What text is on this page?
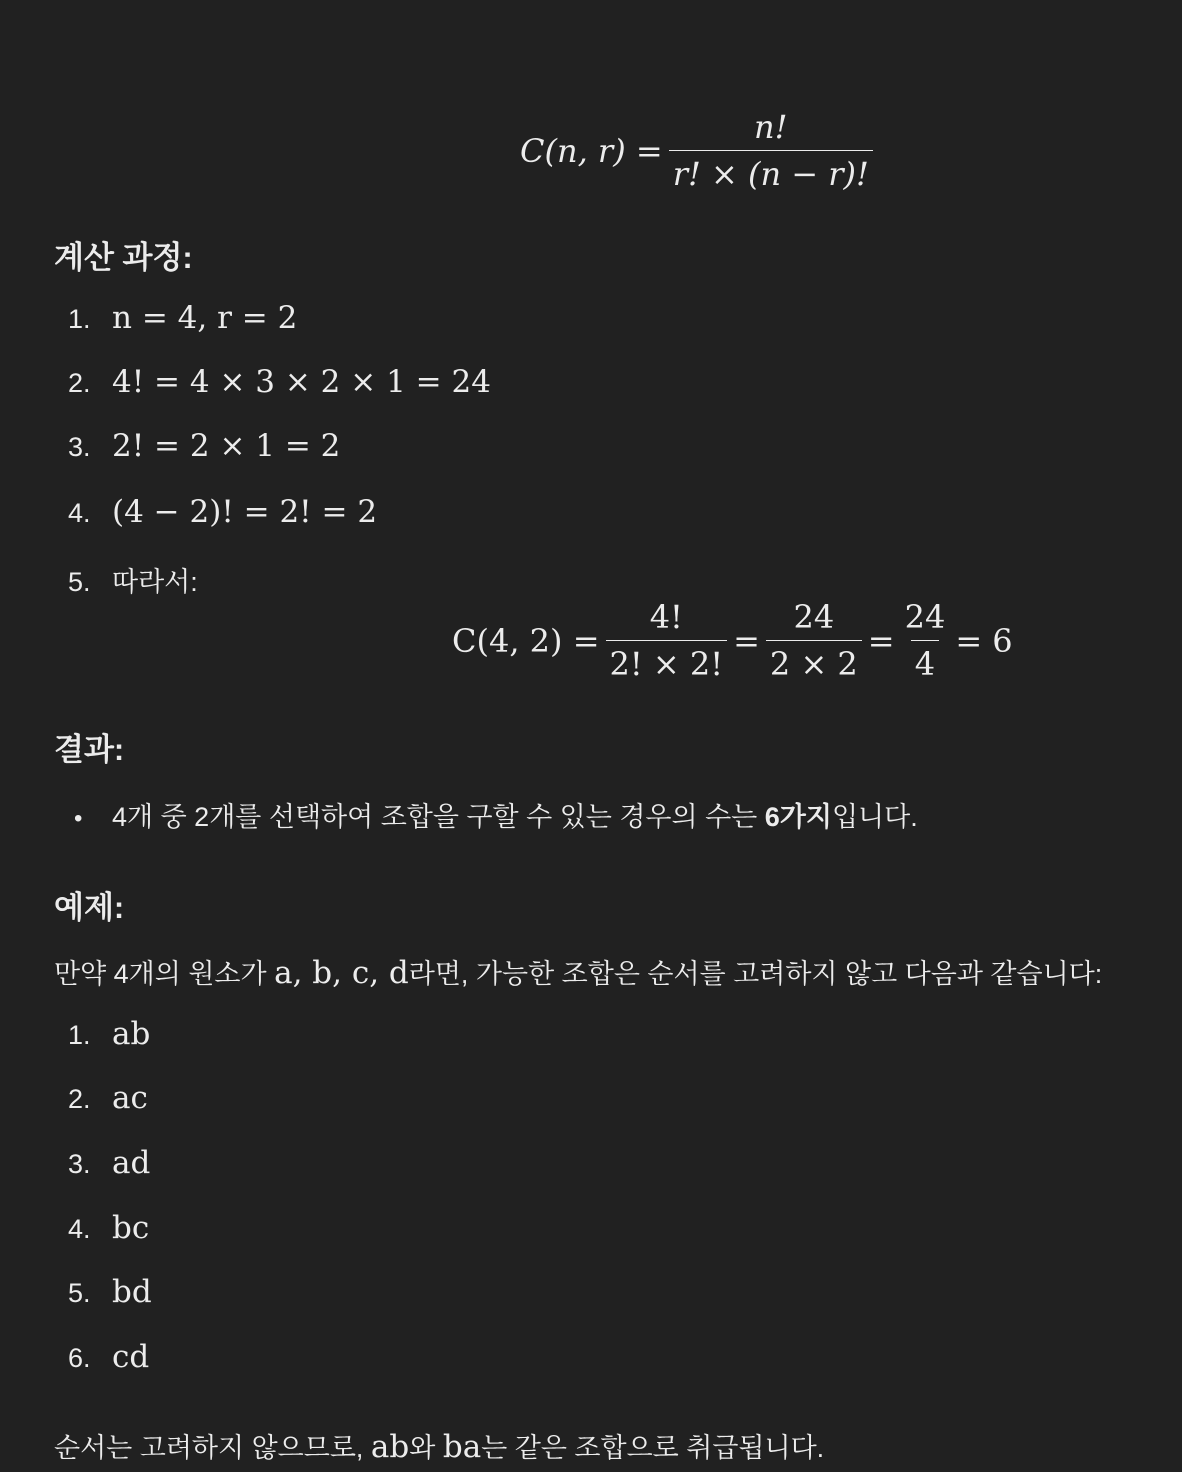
C(n, $r) = \frac{n!}{r! \times (n - r)!}$
계산 과정:
1. n = 4, r = 2
2. 4! = 4 × 3 × 2 × 1 = 24
3. 2! = 2 × 1 = 2
4. (4 − 2)! = 2! = 2
5. 따라서:
C(4, $2) = \frac{4!}{2! \times 2!} = \frac{24}{2 \times 2} = \frac{24}{4} = 6$
결과:
•	4개 중 2개를 선택하여 조합을 구할 수 있는 경우의 수는 6가지입니다.
예제:
만약 4개의 원소가 a, b, c, d라면, 가능한 조합은 순서를 고려하지 않고 다음과 같습니다:
1. ab
2. ac
3. ad
4. bc
5. bd
6. cd
순서는 고려하지 않으므로, ab와 ba는 같은 조합으로 취급됩니다.
